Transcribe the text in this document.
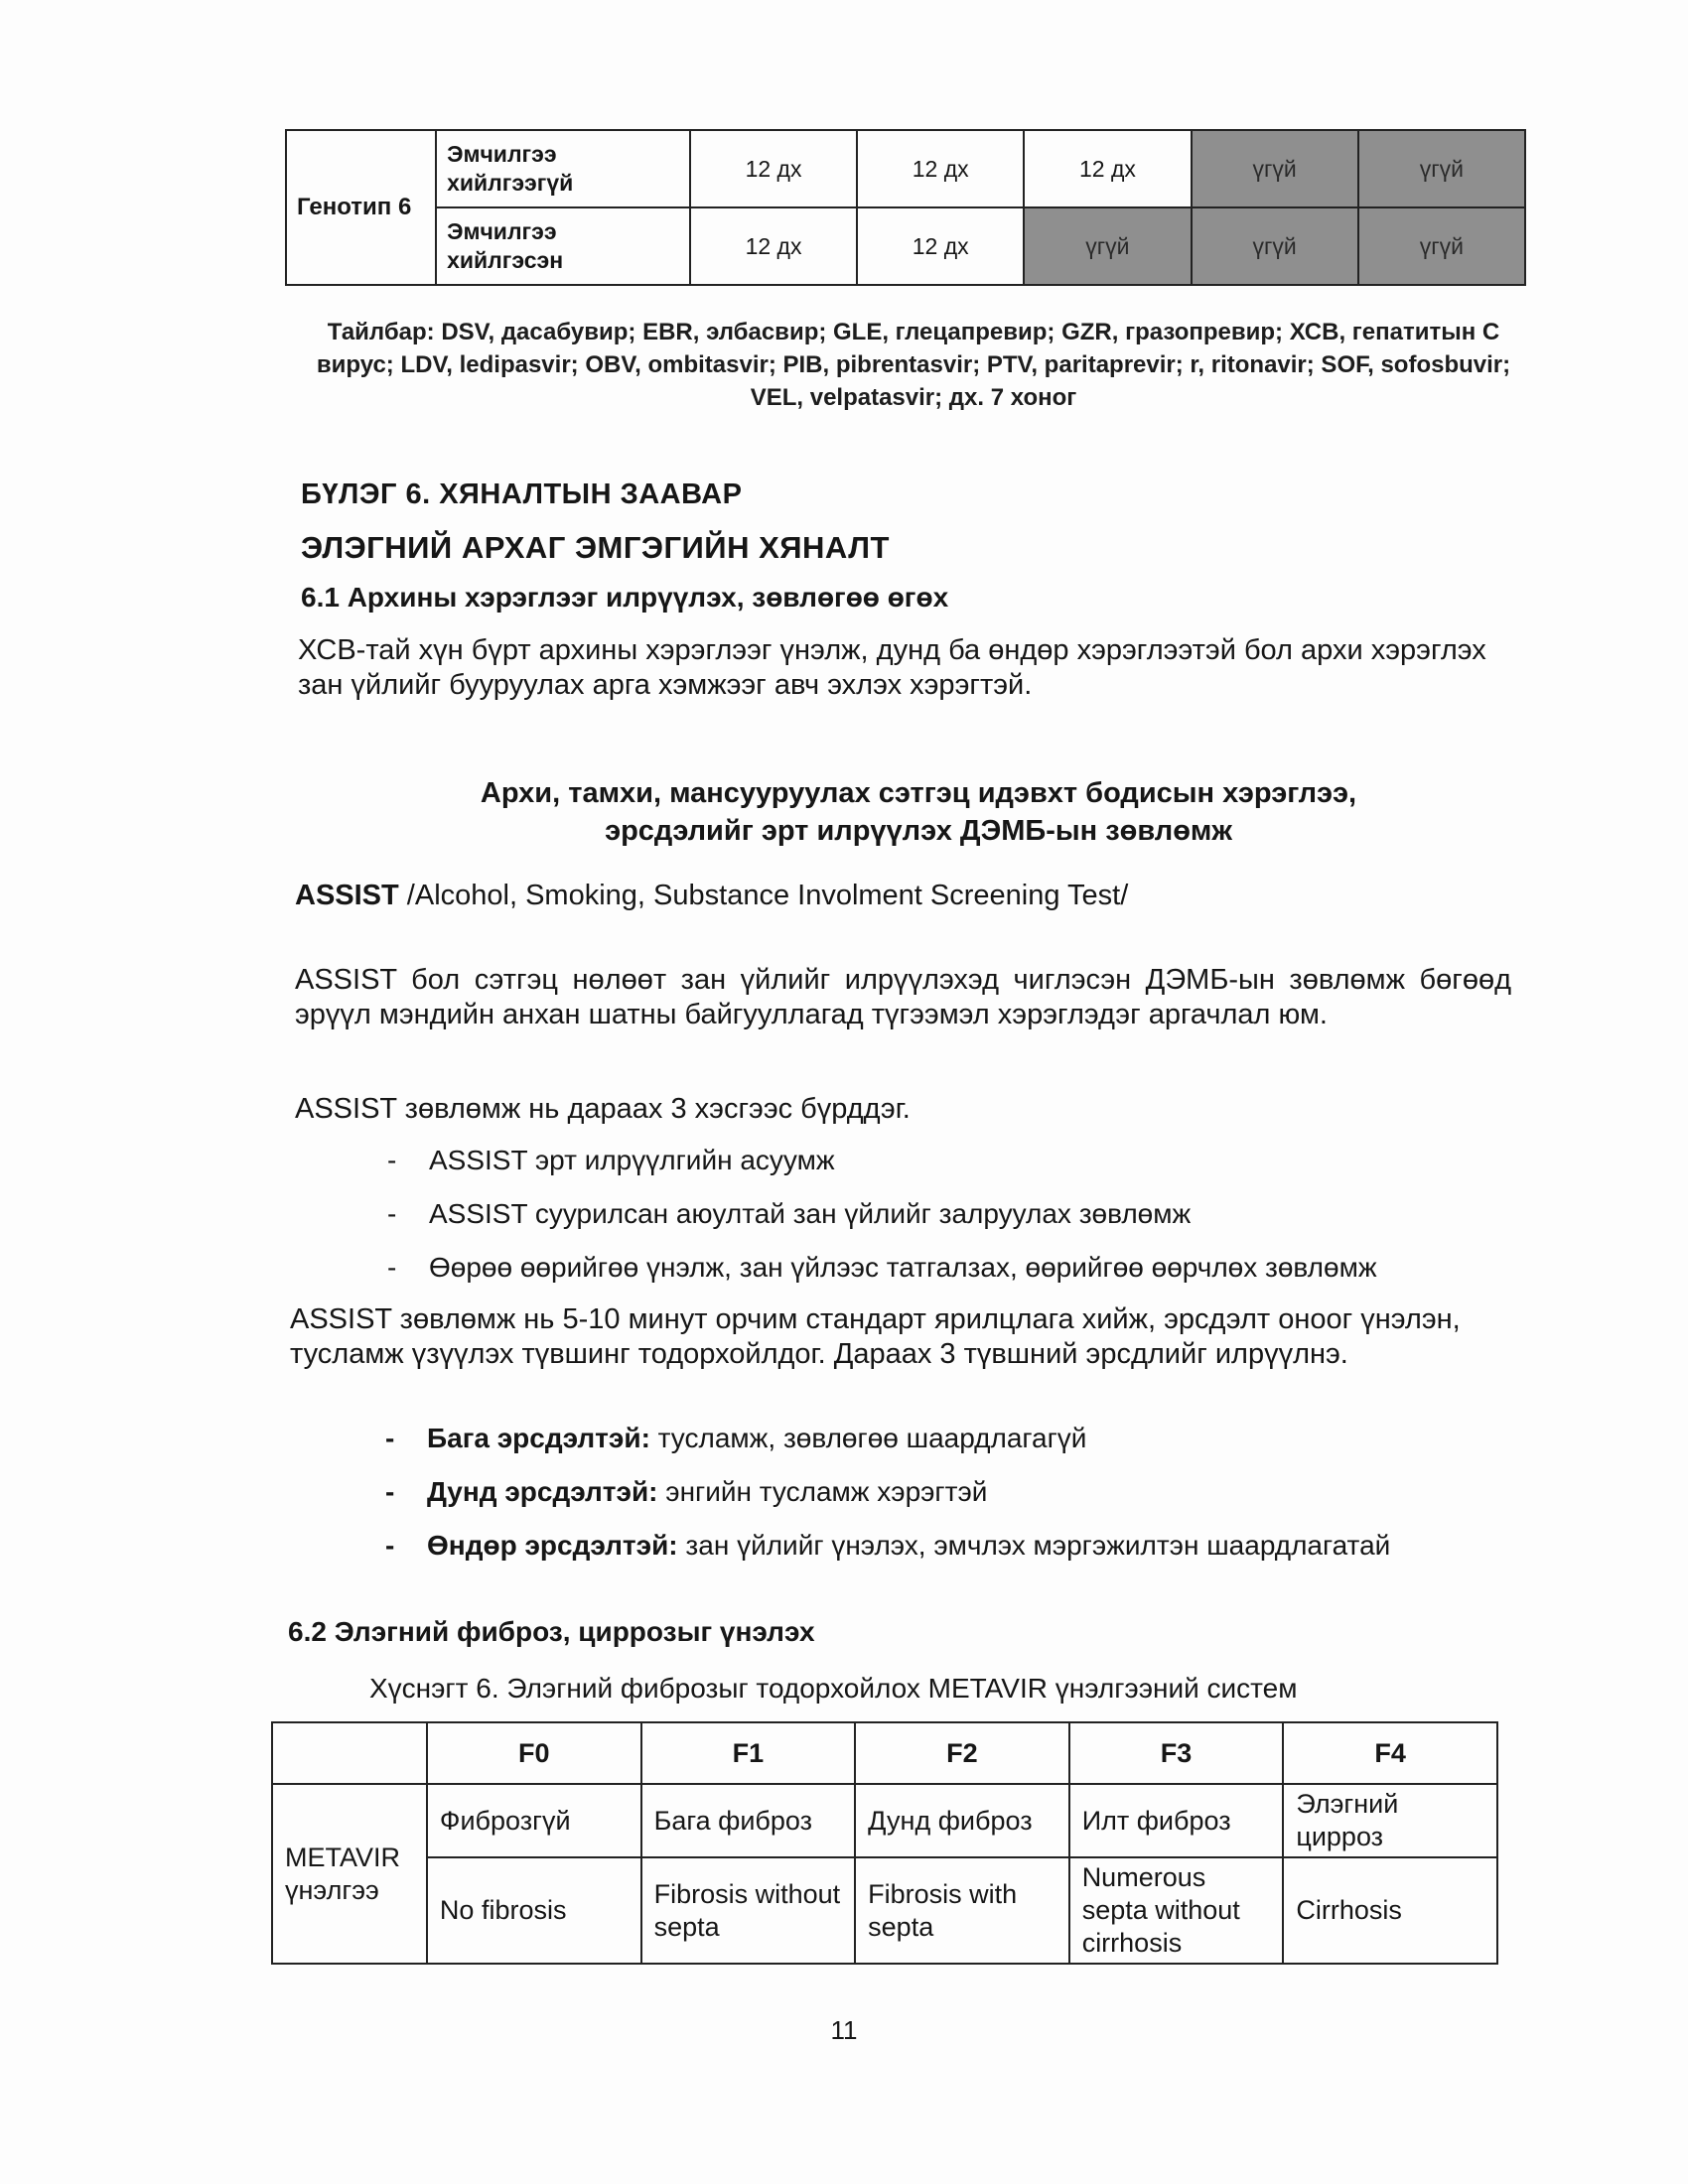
Генотип 6	Эмчилгээ хийлгээгүй	12 дх	12 дх	12 дх	үгүй	үгүй
	Эмчилгээ хийлгэсэн	12 дх	12 дх	үгүй	үгүй	үгүй
Тайлбар: DSV, дасабувир; EBR, элбасвир; GLE, глецапревир; GZR, гразопревир; ХСВ, гепатитын С вирус; LDV, ledipasvir; OBV, ombitasvir; PIB, pibrentasvir; PTV, paritaprevir; r, ritonavir; SOF, sofosbuvir; VEL, velpatasvir; дх. 7 хоног
БҮЛЭГ 6. ХЯНАЛТЫН ЗААВАР
ЭЛЭГНИЙ АРХАГ ЭМГЭГИЙН ХЯНАЛТ
6.1 Архины хэрэглээг илрүүлэх, зөвлөгөө өгөх
ХСВ-тай хүн бүрт архины хэрэглээг үнэлж, дунд ба өндөр хэрэглээтэй бол архи хэрэглэх зан үйлийг бууруулах арга хэмжээг авч эхлэх хэрэгтэй.
Архи, тамхи, мансууруулах сэтгэц идэвхт бодисын хэрэглээ,
эрсдэлийг эрт илрүүлэх ДЭМБ-ын зөвлөмж
ASSIST /Alcohol, Smoking, Substance Involment Screening Test/
ASSIST бол сэтгэц нөлөөт зан үйлийг илрүүлэхэд чиглэсэн ДЭМБ-ын зөвлөмж бөгөөд эрүүл мэндийн анхан шатны байгууллагад түгээмэл хэрэглэдэг аргачлал юм.
ASSIST зөвлөмж нь дараах 3 хэсгээс бүрддэг.
- ASSIST эрт илрүүлгийн асуумж
- ASSIST суурилсан аюултай зан үйлийг залруулах зөвлөмж
- Өөрөө өөрийгөө үнэлж, зан үйлээс татгалзах, өөрийгөө өөрчлөх зөвлөмж
ASSIST зөвлөмж нь 5-10 минут орчим стандарт ярилцлага хийж, эрсдэлт оноог үнэлэн, тусламж үзүүлэх түвшинг тодорхойлдог. Дараах 3 түвшний эрсдлийг илрүүлнэ.
- Бага эрсдэлтэй: тусламж, зөвлөгөө шаардлагагүй
- Дунд эрсдэлтэй: энгийн тусламж хэрэгтэй
- Өндөр эрсдэлтэй: зан үйлийг үнэлэх, эмчлэх мэргэжилтэн шаардлагатай
6.2 Элэгний фиброз, циррозыг үнэлэх
Хүснэгт 6. Элэгний фиброзыг тодорхойлох METAVIR үнэлгээний систем
	F0	F1	F2	F3	F4
METAVIR үнэлгээ	Фиброзгүй	Бага фиброз	Дунд фиброз	Илт фиброз	Элэгний цирроз
	No fibrosis	Fibrosis without septa	Fibrosis with septa	Numerous septa without cirrhosis	Cirrhosis
11
